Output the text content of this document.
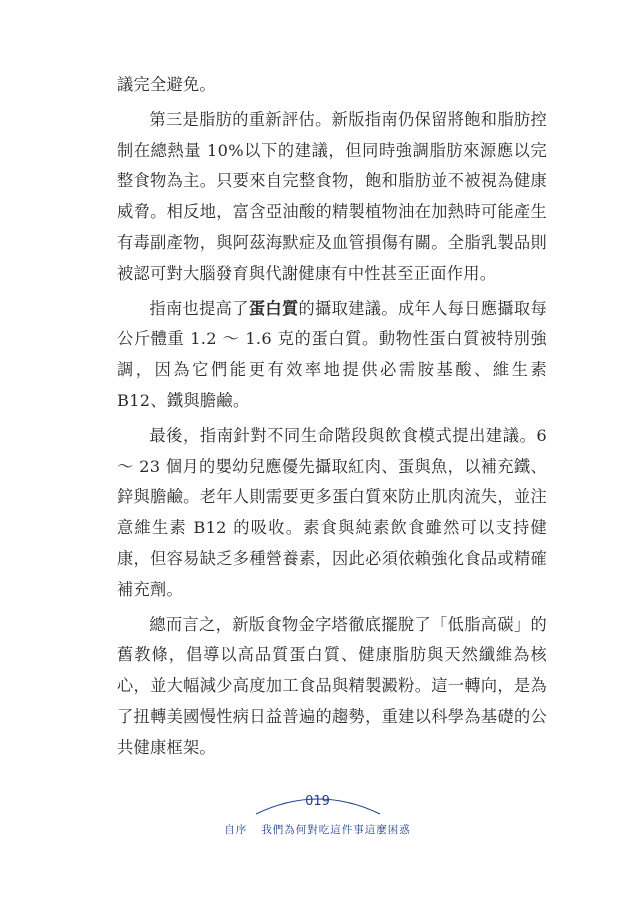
議完全避免。

第三是脂肪的重新評估。新版指南仍保留將飽和脂肪控制在總熱量 10%以下的建議，但同時強調脂肪來源應以完整食物為主。只要來自完整食物，飽和脂肪並不被視為健康威脅。相反地，富含亞油酸的精製植物油在加熱時可能產生有毒副產物，與阿茲海默症及血管損傷有關。全脂乳製品則被認可對大腦發育與代謝健康有中性甚至正面作用。

指南也提高了蛋白質的攝取建議。成年人每日應攝取每公斤體重 1.2 ～ 1.6 克的蛋白質。動物性蛋白質被特別強調，因為它們能更有效率地提供必需胺基酸、維生素 B12、鐵與膽鹼。

最後，指南針對不同生命階段與飲食模式提出建議。6 ～ 23 個月的嬰幼兒應優先攝取紅肉、蛋與魚，以補充鐵、鋅與膽鹼。老年人則需要更多蛋白質來防止肌肉流失，並注意維生素 B12 的吸收。素食與純素飲食雖然可以支持健康，但容易缺乏多種營養素，因此必須依賴強化食品或精確補充劑。

總而言之，新版食物金字塔徹底擺脫了「低脂高碳」的舊教條，倡導以高品質蛋白質、健康脂肪與天然纖維為核心，並大幅減少高度加工食品與精製澱粉。這一轉向，是為了扭轉美國慢性病日益普遍的趨勢，重建以科學為基礎的公共健康框架。

019
自序 我們為何對吃這件事這麼困惑
